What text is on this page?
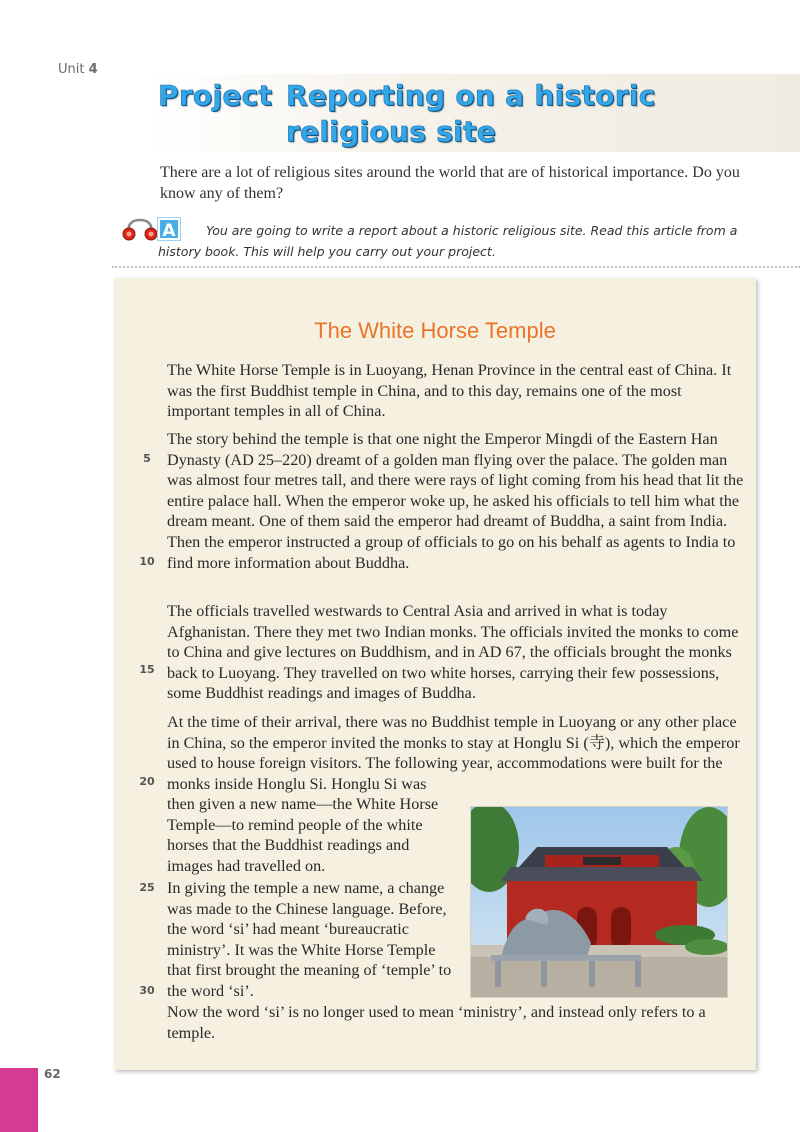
Unit 4
Project Reporting on a historic
religious site
There are a lot of religious sites around the world that are of historical importance. Do you know any of them?
A	You are going to write a report about a historic religious site. Read this article from a history book. This will help you carry out your project.
The White Horse Temple
The White Horse Temple is in Luoyang, Henan Province in the central east of China. It was the first Buddhist temple in China, and to this day, remains one of the most important temples in all of China.
The story behind the temple is that one night the Emperor Mingdi of the Eastern Han Dynasty (AD 25–220) dreamt of a golden man flying over the palace. The golden man was almost four metres tall, and there were rays of light coming from his head that lit the entire palace hall. When the emperor woke up, he asked his officials to tell him what the dream meant. One of them said the emperor had dreamt of Buddha, a saint from India. Then the emperor instructed a group of officials to go on his behalf as agents to India to find more information about Buddha.
The officials travelled westwards to Central Asia and arrived in what is today Afghanistan. There they met two Indian monks. The officials invited the monks to come to China and give lectures on Buddhism, and in AD 67, the officials brought the monks back to Luoyang. They travelled on two white horses, carrying their few possessions, some Buddhist readings and images of Buddha.
At the time of their arrival, there was no Buddhist temple in Luoyang or any other place in China, so the emperor invited the monks to stay at Honglu Si (寺), which the emperor used to house foreign visitors. The following year, accommodations were built for the monks inside Honglu Si. Honglu Si was
then given a new name—the White Horse Temple—to remind people of the white horses that the Buddhist readings and images had travelled on.
In giving the temple a new name, a change was made to the Chinese language. Before, the word ‘si’ had meant ‘bureaucratic ministry’. It was the White Horse Temple that first brought the meaning of ‘temple’ to the word ‘si’.
Now the word ‘si’ is no longer used to mean ‘ministry’, and instead only refers to a temple.
5
10
15
20
25
30
62
